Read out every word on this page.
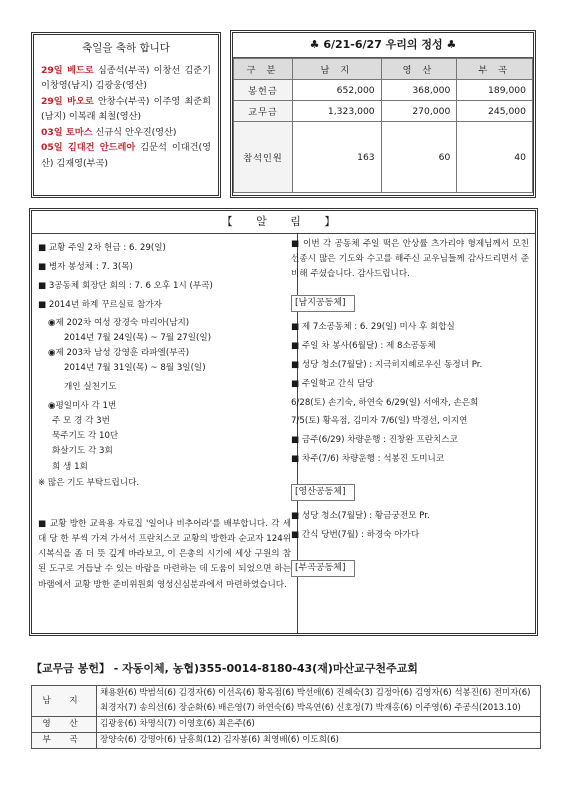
축일을 축하 합니다
29일 베드로 심종석(부곡) 이창선 김준기 이창영(남지) 김광웅(영산)
29일 바오로 안창수(부곡) 이주영 최준희(남지) 이복래 최철(영산)
03일 토마스 신규식 안우진(영산)
05일 김대건 안드레아 김문석 이대건(영산) 김재영(부곡)
♣ 6/21-6/27 우리의 정성 ♣
구 분	남 지	영 산	부 곡
봉헌금	652,000	368,000	189,000
교무금	1,323,000	270,000	245,000
참석인원	163	60	40
【 알 림 】
■ 교황 주일 2차 헌금 : 6. 29(일)
■ 병자 봉성체 : 7. 3(목)
■ 3공동체 회장단 회의 : 7. 6 오후 1시 (부곡)
■ 2014년 하계 꾸르실료 참가자
◉제 202차 여성 장경숙 마리아(남지)
2014년 7월 24일(목) ~ 7월 27일(일)
◉제 203차 남성 강영훈 라파엘(부곡)
2014년 7월 31일(목) ~ 8월 3일(일)
개인 실천기도
◉평일미사 각 1번
주 모 경 각 3번
묵주기도 각 10단
화살기도 각 3회
희 생 1회
※ 많은 기도 부탁드립니다.
■ 교황 방한 교육용 자료집 '일어나 비추어라'를 배부합니다. 각 세대 당 한 부씩 가져 가셔서 프란치스코 교황의 방한과 순교자 124위 시복식을 좀 더 뜻 깊게 바라보고, 이 은총의 시기에 세상 구원의 참된 도구로 거듭날 수 있는 바람을 마련하는 데 도움이 되었으면 하는 바램에서 교황 방한 준비위원회 영성신심분과에서 마련하였습니다.
■ 이번 각 공동체 주일 떡은 안상률 츠가리야 형제님께서 모친 선종시 많은 기도와 수고를 해주신 교우님들께 감사드리면서 준비해 주셨습니다. 감사드립니다.
[남지공동체]
■ 제 7소공동체 : 6. 29(일) 미사 후 회합실
■ 주일 차 봉사(6월달) : 제 8소공동체
■ 성당 청소(7월달) : 지극히지혜로우신 동정녀 Pr.
■ 주일학교 간식 담당
6/28(토) 손기숙, 하연숙 6/29(일) 서애자, 손은희
7/5(토) 황옥점, 김미자 7/6(일) 박경선, 이지연
■ 금주(6/29) 차량운행 : 진창완 프란치스코
■ 차주(7/6) 차량운행 : 석봉진 도미니코
[영산공동체]
■ 성당 청소(7월달) : 황금궁전모 Pr.
■ 간식 당번(7월) : 하경숙 아가다
[부곡공동체]
【교무금 봉헌】 - 자동이체, 농협)355-0014-8180-43(재)마산교구천주교회
남 지	채용환(6) 박범석(6) 김경자(6) 이선옥(6) 황옥점(6) 박선애(6) 진혜숙(3) 김정아(6) 김영자(6) 석봉진(6) 전미자(6) 최경자(7) 송의선(6) 장순화(6) 배은영(7) 하연숙(6) 박옥연(6) 신호정(7) 박재홍(6) 이주영(6) 주공식(2013.10)
영 산	김광웅(6) 차명식(7) 이영호(6) 최은주(6)
부 곡	장양숙(6) 강명아(6) 남흥희(12) 김자봉(6) 최영배(6) 이도희(6)
